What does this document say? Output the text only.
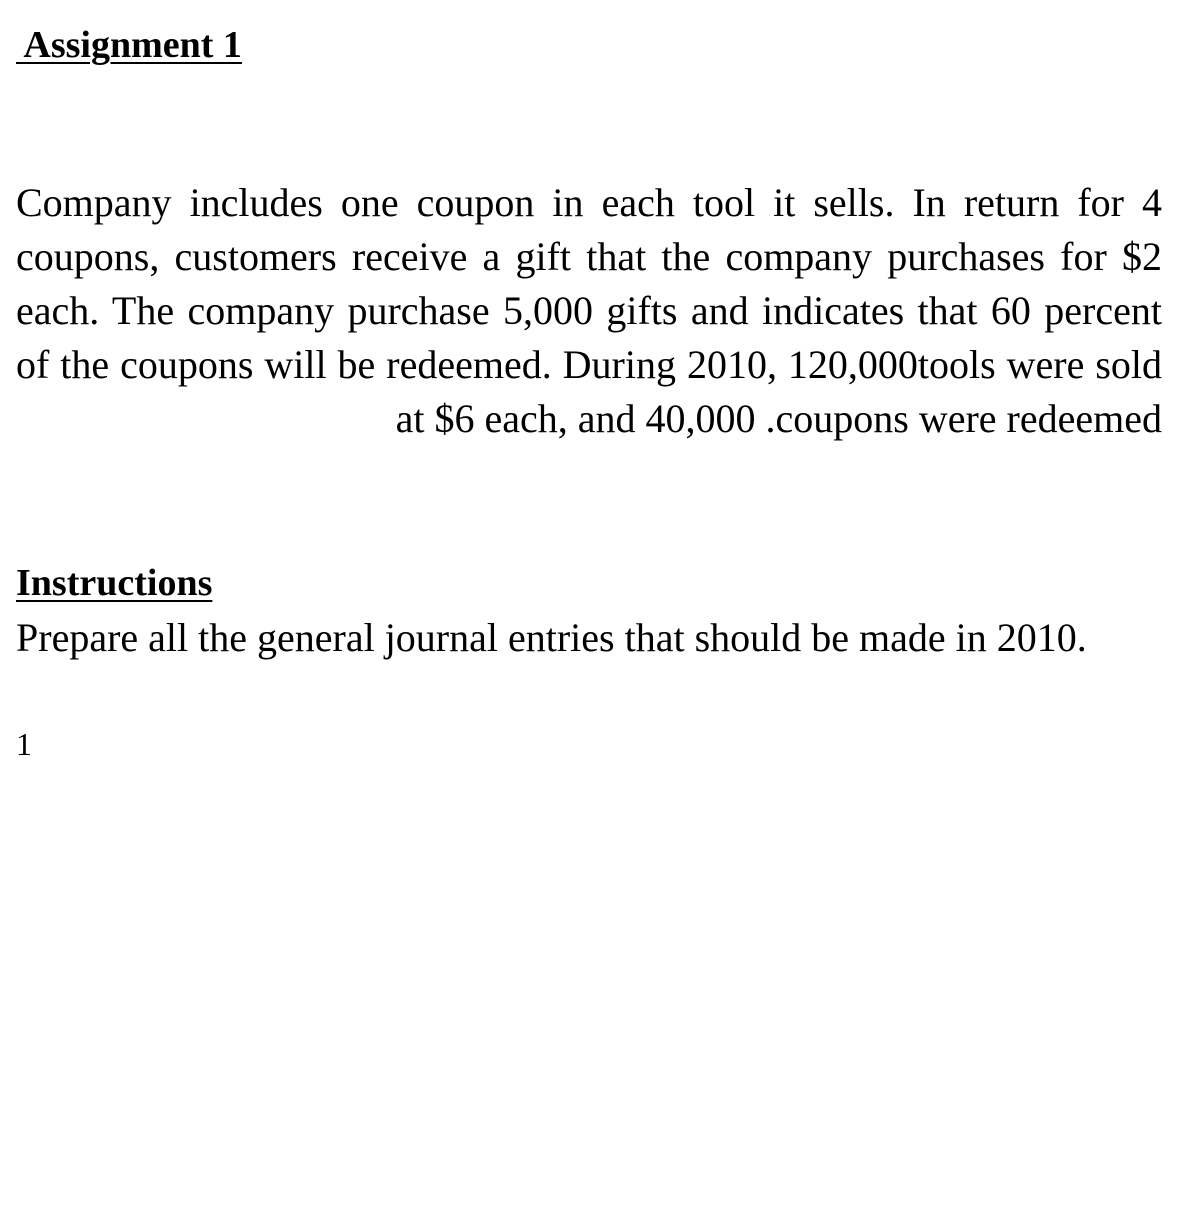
Assignment 1

Company includes one coupon in each tool it sells. In return for 4 coupons, customers receive a gift that the company purchases for $2 each. The company purchase 5,000 gifts and indicates that 60 percent of the coupons will be redeemed. During 2010, 120,000tools were sold at $6 each, and 40,000 .coupons were redeemed

Instructions

Prepare all the general journal entries that should be made in 2010.

1
